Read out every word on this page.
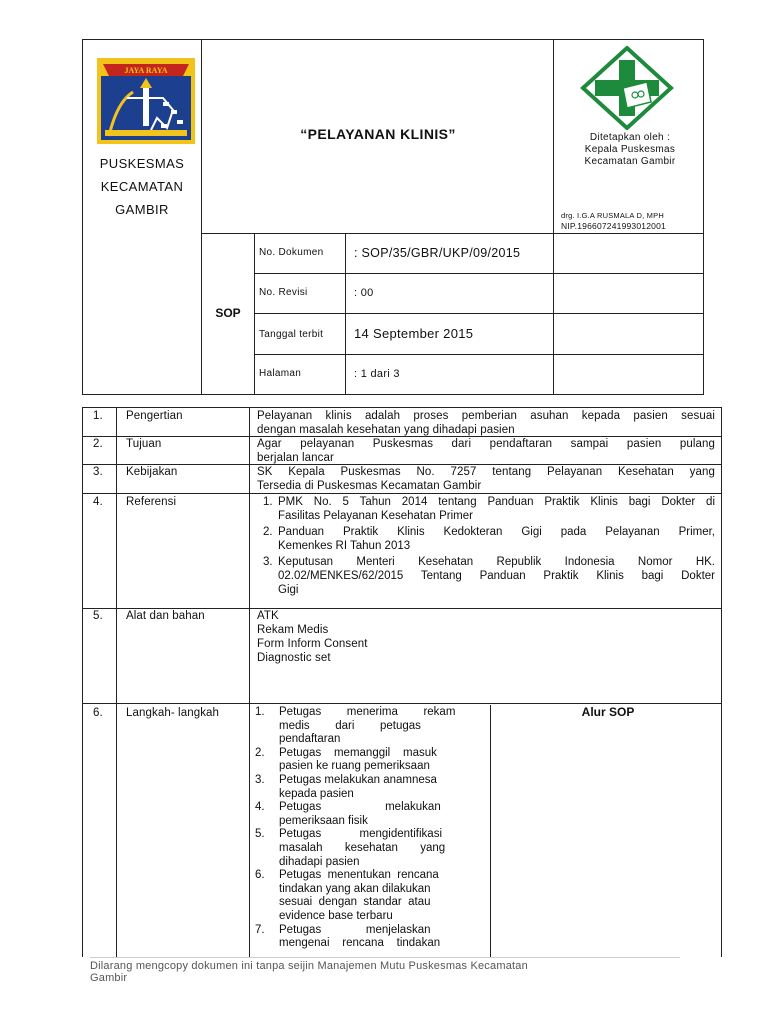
JAYA RAYA
PUSKESMAS
KECAMATAN
GAMBIR
“PELAYANAN KLINIS”	Ditetapkan oleh :
Kepala Puskesmas
Kecamatan Gambir
drg. I.G.A RUSMALA D, MPH
NIP.196607241993012001
SOP
No. Dokumen : SOP/35/GBR/UKP/09/2015
No. Revisi	: 00
Tanggal terbit 14 September 2015
Halaman	: 1 dari 3
1. Pengertian	Pelayanan klinis adalah proses pemberian asuhan kepada pasien sesuai
dengan masalah kesehatan yang dihadapi pasien
2. Tujuan	Agar pelayanan Puskesmas dari pendaftaran sampai pasien pulang
berjalan lancar
3. Kebijakan	SK Kepala Puskesmas No. 7257 tentang Pelayanan Kesehatan yang
Tersedia di Puskesmas Kecamatan Gambir
4. Referensi	1. PMK No. 5 Tahun 2014 tentang Panduan Praktik Klinis bagi Dokter di
Fasilitas Pelayanan Kesehatan Primer
2. Panduan Praktik Klinis Kedokteran Gigi pada Pelayanan Primer,
Kemenkes RI Tahun 2013
3. Keputusan Menteri Kesehatan Republik Indonesia Nomor HK.
02.02/MENKES/62/2015 Tentang Panduan Praktik Klinis bagi Dokter
Gigi
5. Alat dan bahan	ATK
Rekam Medis
Form Inform Consent
Diagnostic set
6. Langkah- langkah	Alur SOP
1. Petugas        menerima        rekam
medis        dari        petugas
pendaftaran
2. Petugas    memanggil    masuk
pasien ke ruang pemeriksaan
3. Petugas melakukan anamnesa
kepada pasien
4. Petugas                    melakukan
pemeriksaan fisik
5. Petugas            mengidentifikasi
masalah       kesehatan       yang
dihadapi pasien
6. Petugas  menentukan  rencana
tindakan yang akan dilakukan
sesuai  dengan  standar  atau
evidence base terbaru
7. Petugas              menjelaskan
mengenai    rencana    tindakan
Dilarang mengcopy dokumen ini tanpa seijin Manajemen Mutu Puskesmas Kecamatan
Gambir
